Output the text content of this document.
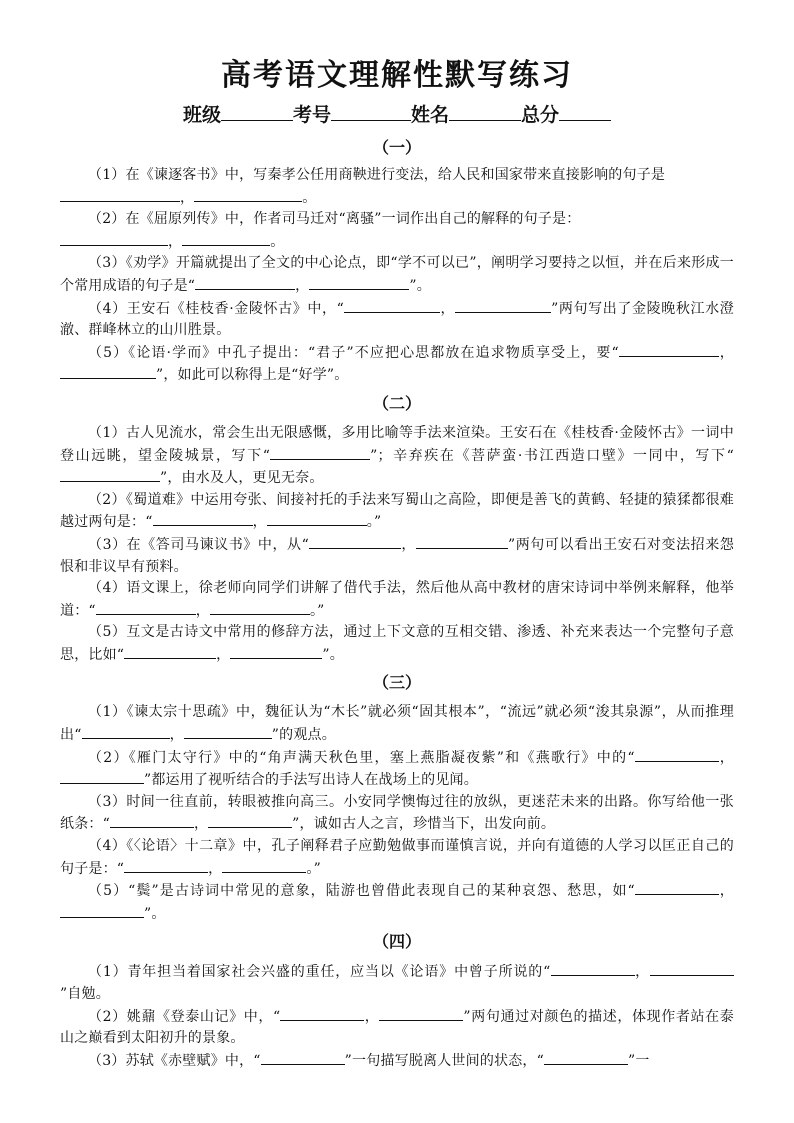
高考语文理解性默写练习
班级	考号	姓名	总分
（一）

（1）在《谏逐客书》中，写秦孝公任用商鞅进行变法，给人民和国家带来直接影响的句子是
，	。

（2）在《屈原列传》中，作者司马迁对“离骚”一词作出自己的解释的句子是：
，	。

（3）《劝学》开篇就提出了全文的中心论点，即“学不可以已”，阐明学习要持之以恒，并在后来形成一个常用成语的句子是“	，	”。

（4）王安石《桂枝香·金陵怀古》中，“	，	”两句写出了金陵晚秋江水澄澈、群峰林立的山川胜景。

（5）《论语·学而》中孔子提出：“君子”不应把心思都放在追求物质享受上，要“	，”，如此可以称得上是“好学”。

（二）

（1）古人见流水，常会生出无限感慨，多用比喻等手法来渲染。王安石在《桂枝香·金陵怀古》一词中登山远眺，望金陵城景，写下“	”；辛弃疾在《菩萨蛮·书江西造口壁》一同中，写下“”，由水及人，更见无奈。

（2）《蜀道难》中运用夸张、间接衬托的手法来写蜀山之高险，即便是善飞的黄鹤、轻捷的猿猱都很难越过两句是：“	，	。”

（3）在《答司马谏议书》中，从“	，	”两句可以看出王安石对变法招来怨恨和非议早有预料。

（4）语文课上，徐老师向同学们讲解了借代手法，然后他从高中教材的唐宋诗词中举例来解释，他举道：“	，	。”

（5）互文是古诗文中常用的修辞方法，通过上下文意的互相交错、渗透、补充来表达一个完整句子意思，比如“	，	”。

（三）

（1）《谏太宗十思疏》中，魏征认为“木长”就必须“固其根本”，“流远”就必须“浚其泉源”，从而推理出“	，	”的观点。

（2）《雁门太守行》中的“角声满天秋色里，塞上燕脂凝夜紫”和《燕歌行》中的“	，”都运用了视听结合的手法写出诗人在战场上的见闻。

（3）时间一往直前，转眼被推向高三。小安同学懊悔过往的放纵，更迷茫未来的出路。你写给他一张纸条：“	，	”，诚如古人之言，珍惜当下，出发向前。

（4）《〈论语〉十二章》中，孔子阐释君子应勤勉做事而谨慎言说，并向有道德的人学习以匡正自己的句子是：“	，	。”

（5）“鬓”是古诗词中常见的意象，陆游也曾借此表现自己的某种哀怨、愁思，如“	，”。

（四）

（1）青年担当着国家社会兴盛的重任，应当以《论语》中曾子所说的“	，”自勉。

（2）姚鼐《登泰山记》中，“	，	”两句通过对颜色的描述，体现作者站在泰山之巅看到太阳初升的景象。

（3）苏轼《赤壁赋》中，“	”一句描写脱离人世间的状态，“	”一
